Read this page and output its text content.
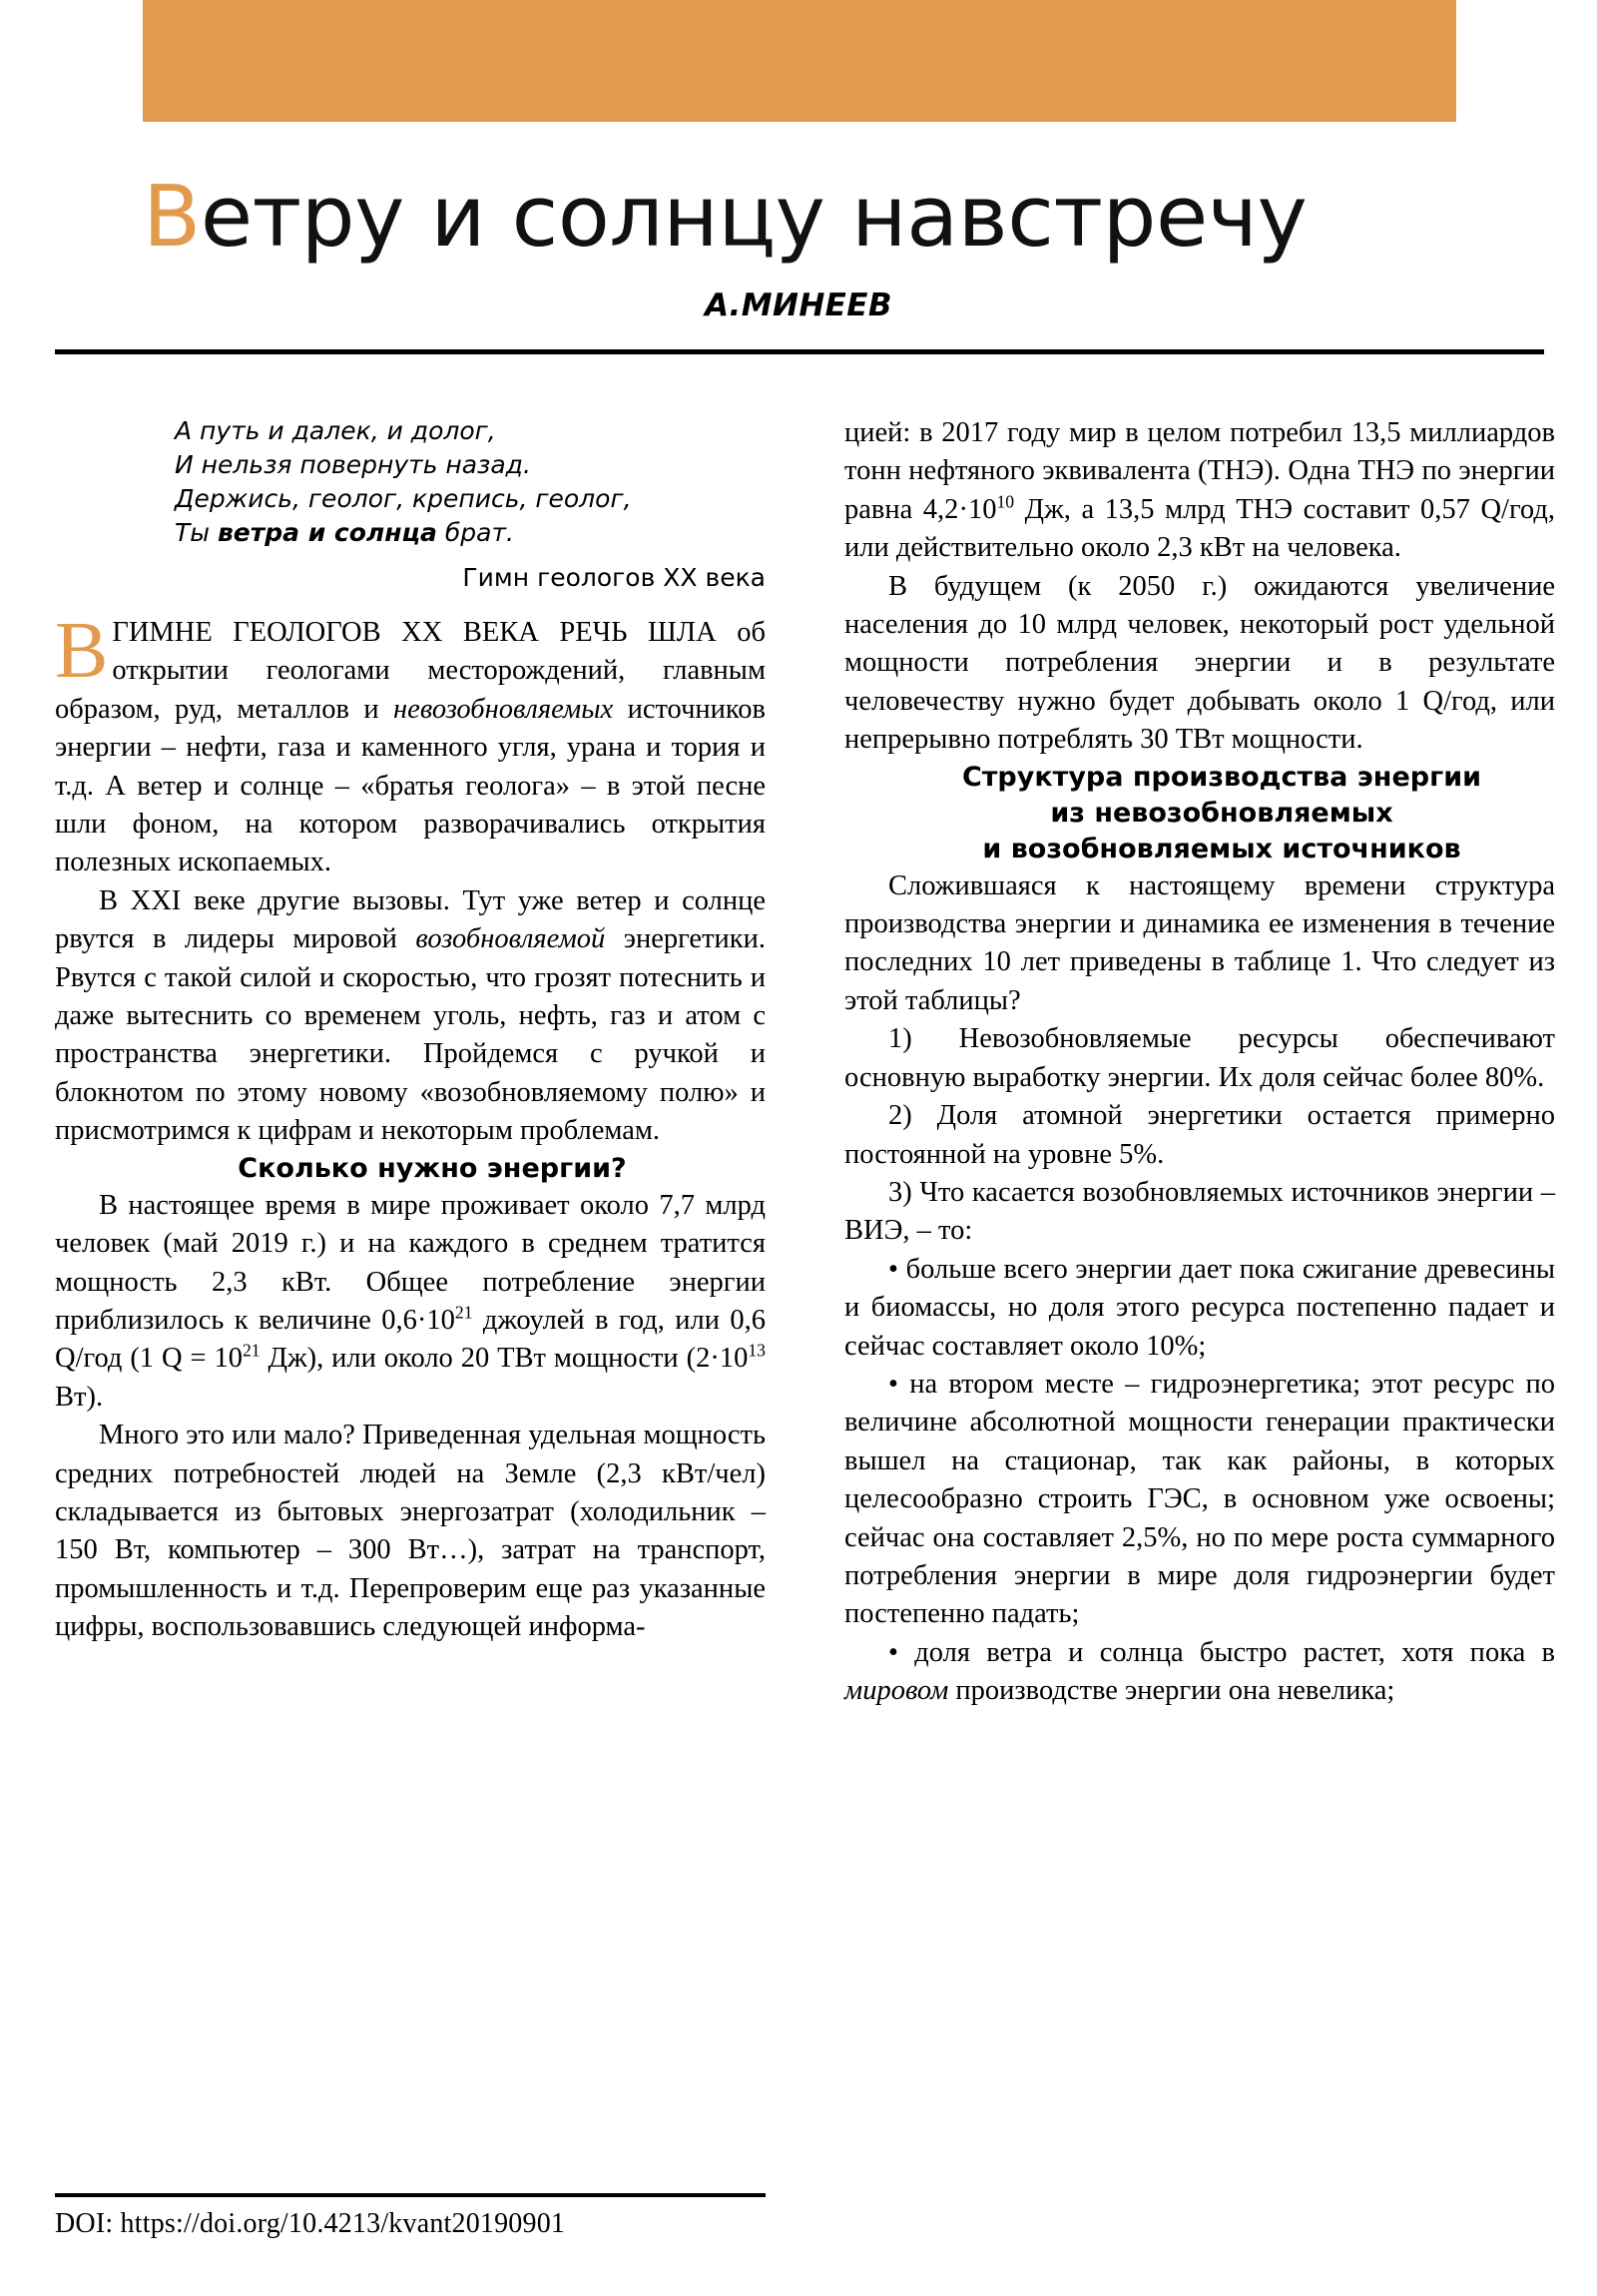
Ветру и солнцу навстречу
А.МИНЕЕВ
А путь и далек, и долог,
И нельзя повернуть назад.
Держись, геолог, крепись, геолог,
Ты ветра и солнца брат.
Гимн геологов XX века

ВГИМНЕ ГЕОЛОГОВ XX ВЕКА РЕЧЬ ШЛА об открытии геологами месторождений, главным образом, руд, металлов и невозобновляемых источников энергии – нефти, газа и каменного угля, урана и тория и т.д. А ветер и солнце – «братья геолога» – в этой песне шли фоном, на котором разворачивались открытия полезных ископаемых.

В XXI веке другие вызовы. Тут уже ветер и солнце рвутся в лидеры мировой возобновляемой энергетики. Рвутся с такой силой и скоростью, что грозят потеснить и даже вытеснить со временем уголь, нефть, газ и атом с пространства энергетики. Пройдемся с ручкой и блокнотом по этому новому «возобновляемому полю» и присмотримся к цифрам и некоторым проблемам.

Сколько нужно энергии?

В настоящее время в мире проживает около 7,7 млрд человек (май 2019 г.) и на каждого в среднем тратится мощность 2,3 кВт. Общее потребление энергии приблизилось к величине $0,6\cdot 10^{21}$ джоулей в год, или 0,6 Q/год (1 $Q = 10^{21}$ Дж), или около 20 ТВт мощности ($2\cdot 10^{13}$ Вт).

Много это или мало? Приведенная удельная мощность средних потребностей людей на Земле (2,3 кВт/чел) складывается из бытовых энергозатрат (холодильник – 150 Вт, компьютер – 300 Вт…), затрат на транспорт, промышленность и т.д. Перепроверим еще раз указанные цифры, воспользовавшись следующей информа-

цией: в 2017 году мир в целом потребил 13,5 миллиардов тонн нефтяного эквивалента (ТНЭ). Одна ТНЭ по энергии равна $4,2\cdot 10^{10}$ Дж, а 13,5 млрд ТНЭ составит 0,57 Q/год, или действительно около 2,3 кВт на человека.

В будущем (к 2050 г.) ожидаются увеличение населения до 10 млрд человек, некоторый рост удельной мощности потребления энергии и в результате человечеству нужно будет добывать около 1 Q/год, или непрерывно потреблять 30 ТВт мощности.

Структура производства энергии
из невозобновляемых
и возобновляемых источников

Сложившаяся к настоящему времени структура производства энергии и динамика ее изменения в течение последних 10 лет приведены в таблице 1. Что следует из этой таблицы?

1) Невозобновляемые ресурсы обеспечивают основную выработку энергии. Их доля сейчас более 80%.

2) Доля атомной энергетики остается примерно постоянной на уровне 5%.

3) Что касается возобновляемых источников энергии – ВИЭ, – то:

• больше всего энергии дает пока сжигание древесины и биомассы, но доля этого ресурса постепенно падает и сейчас составляет около 10%;

• на втором месте – гидроэнергетика; этот ресурс по величине абсолютной мощности генерации практически вышел на стационар, так как районы, в которых целесообразно строить ГЭС, в основном уже освоены; сейчас она составляет 2,5%, но по мере роста суммарного потребления энергии в мире доля гидроэнергии будет постепенно падать;

• доля ветра и солнца быстро растет, хотя пока в мировом производстве энергии она невелика;

DOI: https://doi.org/10.4213/kvant20190901
